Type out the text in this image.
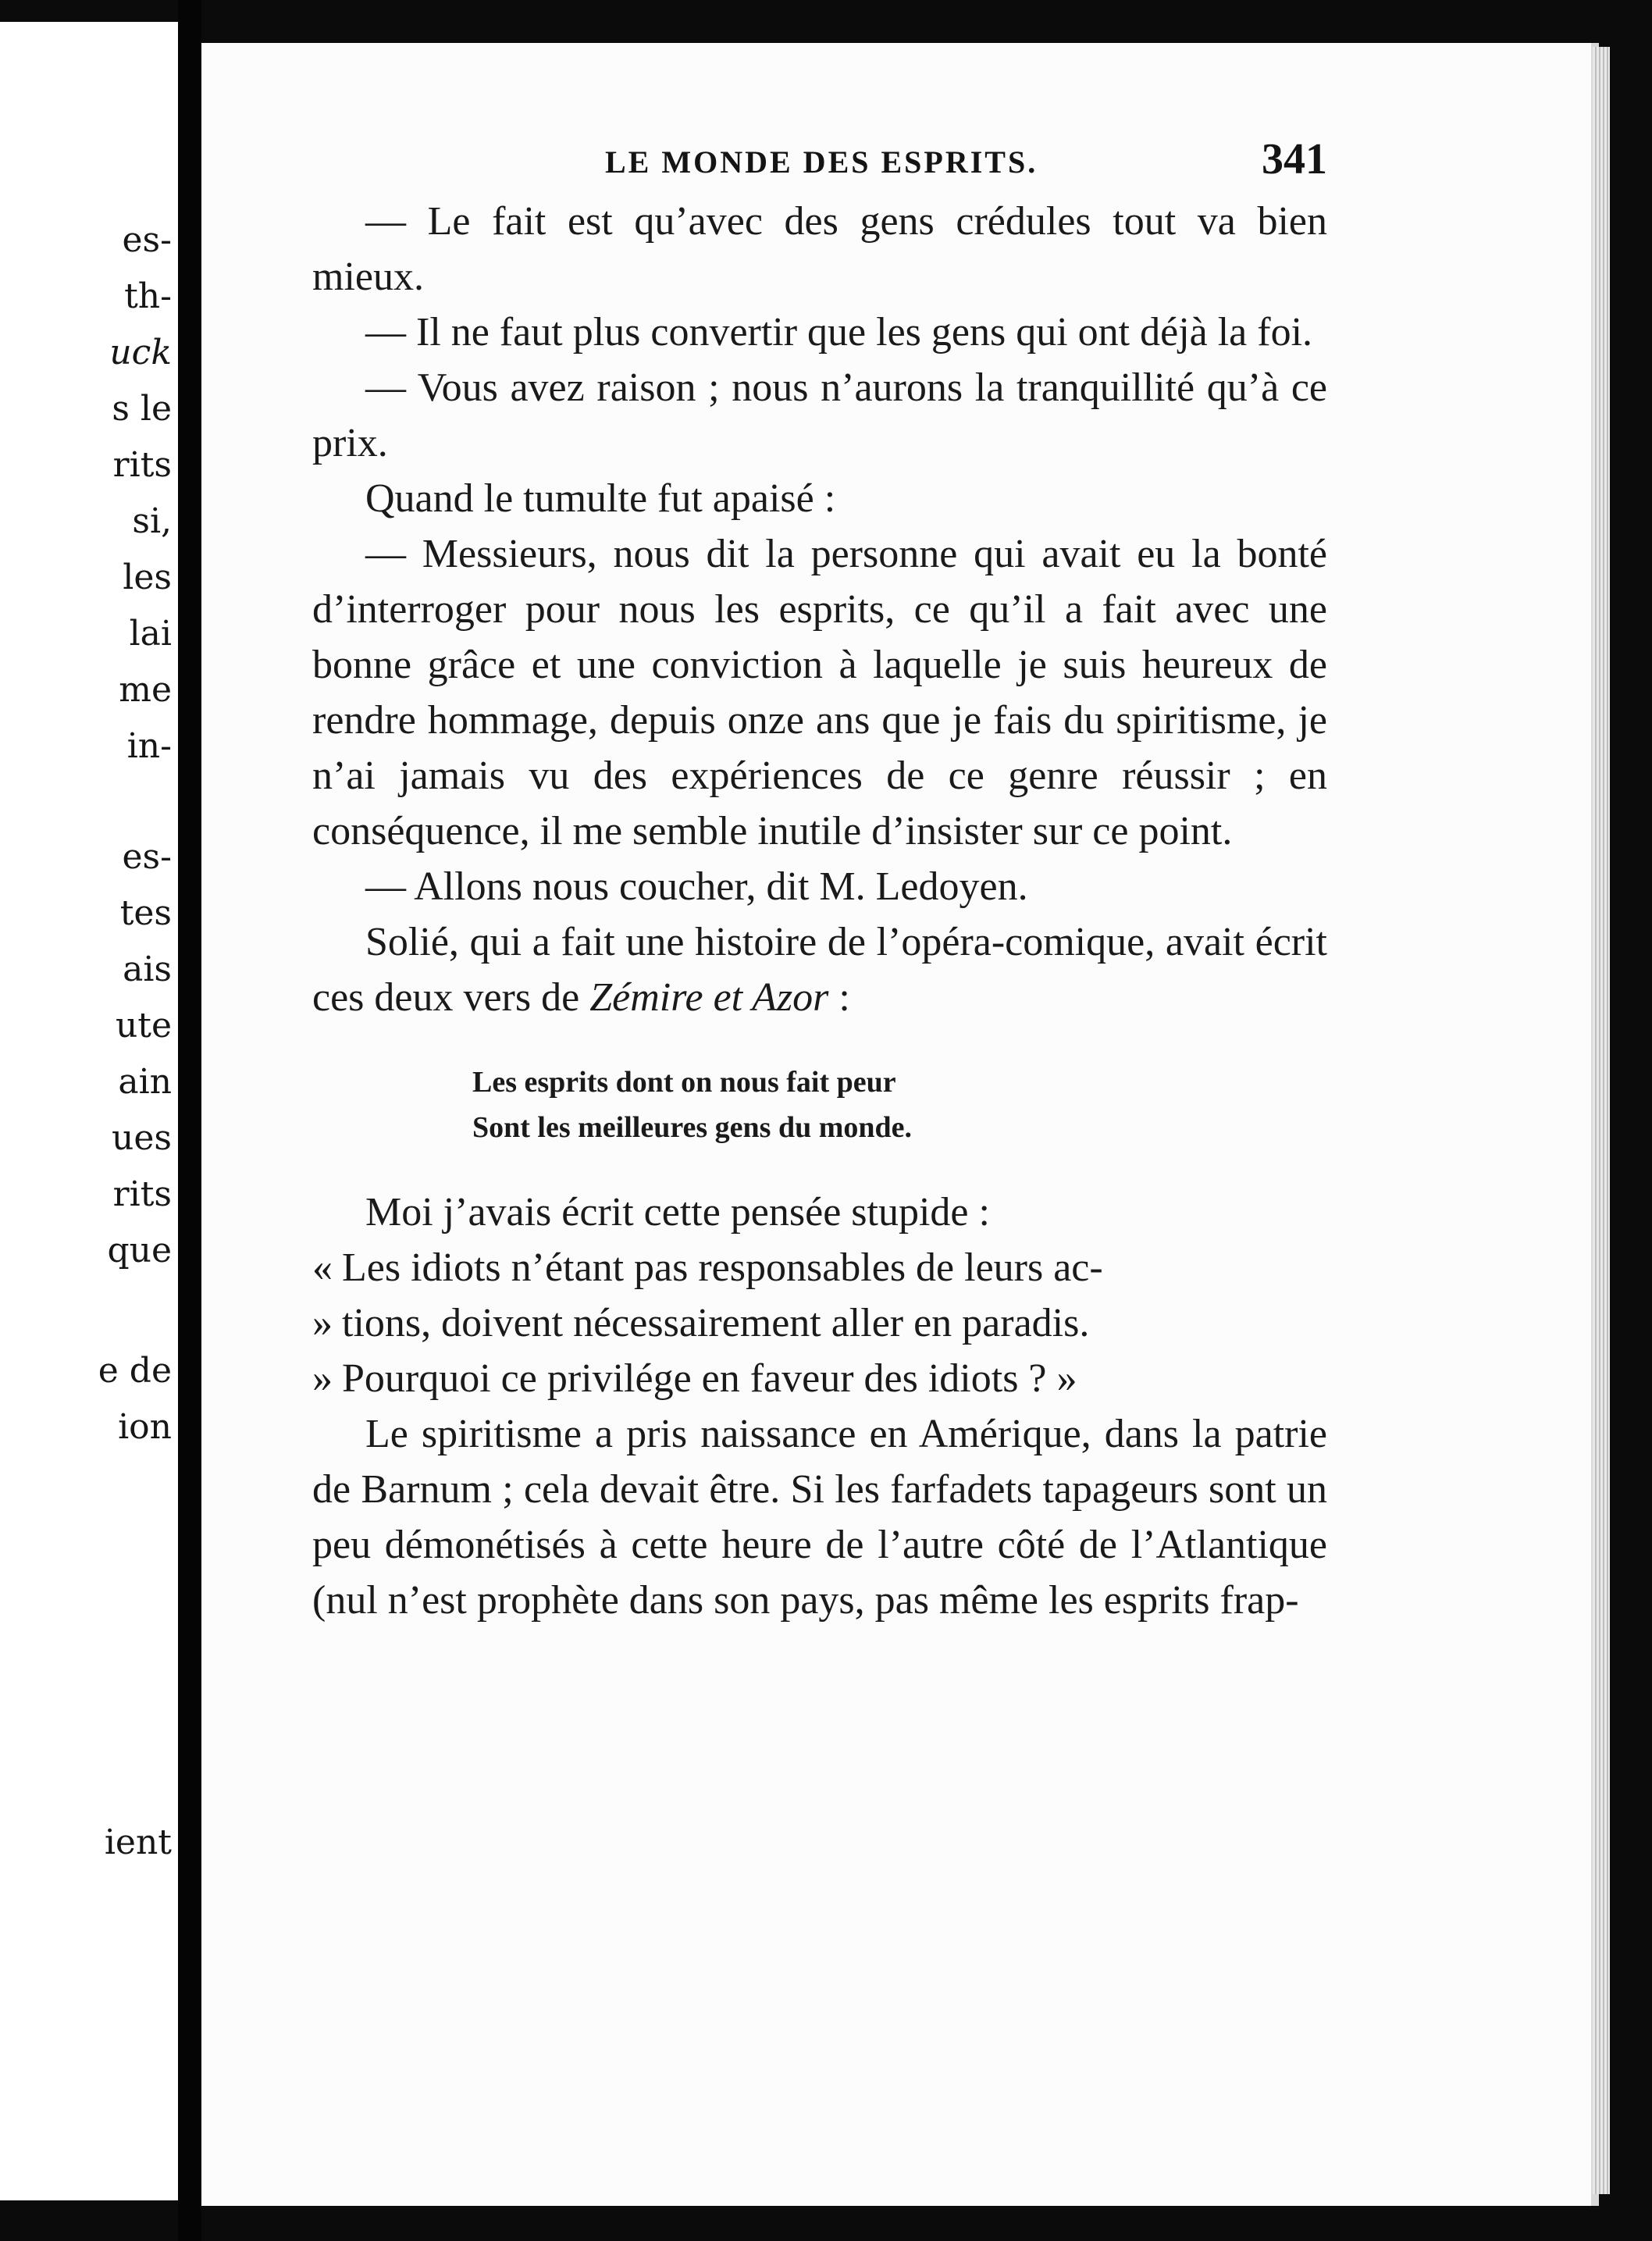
es-
th-
uck
s le
rits
si,
les
lai
me
in-
es-
tes
ais
ute
ain
ues
rits
que
e de
ion
ient
LE MONDE DES ESPRITS.	341

— Le fait est qu’avec des gens crédules tout va bien mieux.

— Il ne faut plus convertir que les gens qui ont déjà la foi.

— Vous avez raison ; nous n’aurons la tranquillité qu’à ce prix.

Quand le tumulte fut apaisé :

— Messieurs, nous dit la personne qui avait eu la bonté d’interroger pour nous les esprits, ce qu’il a fait avec une bonne grâce et une conviction à laquelle je suis heureux de rendre hommage, depuis onze ans que je fais du spiritisme, je n’ai jamais vu des expériences de ce genre réussir ; en conséquence, il me semble inutile d’insister sur ce point.

— Allons nous coucher, dit M. Ledoyen.

Solié, qui a fait une histoire de l’opéra-comique, avait écrit ces deux vers de Zémire et Azor :

Les esprits dont on nous fait peur
Sont les meilleures gens du monde.

Moi j’avais écrit cette pensée stupide :

« Les idiots n’étant pas responsables de leurs ac-

» tions, doivent nécessairement aller en paradis.

» Pourquoi ce privilége en faveur des idiots ? »

Le spiritisme a pris naissance en Amérique, dans la patrie de Barnum ; cela devait être. Si les farfadets tapageurs sont un peu démonétisés à cette heure de l’autre côté de l’Atlantique (nul n’est prophète dans son pays, pas même les esprits frap-
